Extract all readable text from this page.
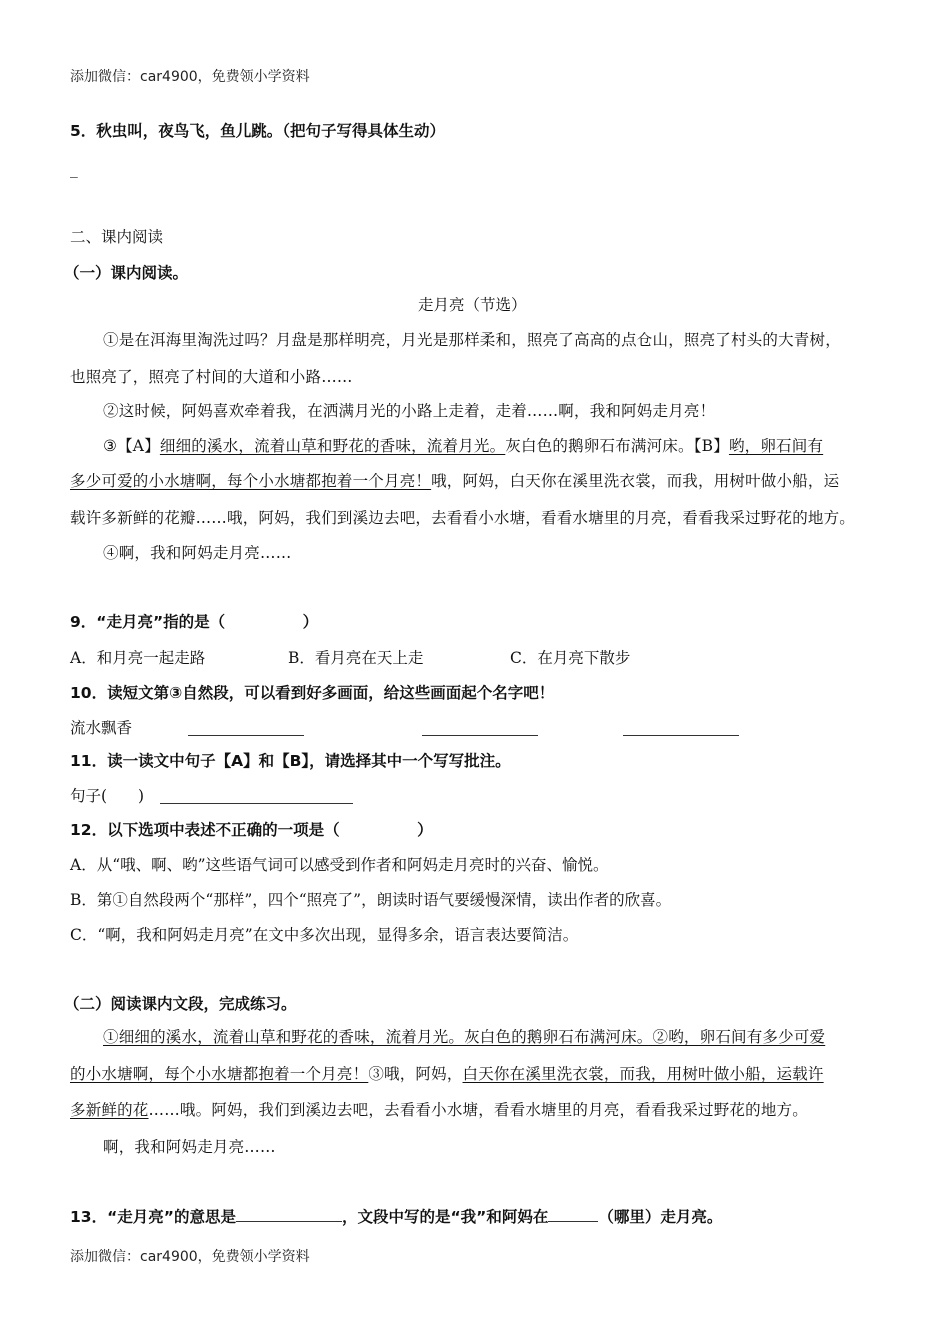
添加微信：car4900，免费领小学资料
5．秋虫叫，夜鸟飞，鱼儿跳。（把句子写得具体生动）
_
二、课内阅读
（一）课内阅读。
走月亮（节选）
①是在洱海里淘洗过吗？月盘是那样明亮，月光是那样柔和，照亮了高高的点仓山，照亮了村头的大青树，
也照亮了，照亮了村间的大道和小路……
②这时候，阿妈喜欢牵着我，在洒满月光的小路上走着，走着……啊，我和阿妈走月亮！
③【A】细细的溪水，流着山草和野花的香味，流着月光。灰白色的鹅卵石布满河床。【B】哟，卵石间有
多少可爱的小水塘啊，每个小水塘都抱着一个月亮！哦，阿妈，白天你在溪里洗衣裳，而我，用树叶做小船，运
载许多新鲜的花瓣……哦，阿妈，我们到溪边去吧，去看看小水塘，看看水塘里的月亮，看看我采过野花的地方。
④啊，我和阿妈走月亮……
9．“走月亮”指的是（　　　　　）
A．和月亮一起走路	B．看月亮在天上走	C．在月亮下散步
10．读短文第③自然段，可以看到好多画面，给这些画面起个名字吧！
流水飘香
11．读一读文中句子【A】和【B】，请选择其中一个写写批注。
句子(　　)
12．以下选项中表述不正确的一项是（　　　　　）
A．从“哦、啊、哟”这些语气词可以感受到作者和阿妈走月亮时的兴奋、愉悦。
B．第①自然段两个“那样”，四个“照亮了”，朗读时语气要缓慢深情，读出作者的欣喜。
C．“啊，我和阿妈走月亮”在文中多次出现，显得多余，语言表达要简洁。
（二）阅读课内文段，完成练习。
①细细的溪水，流着山草和野花的香味，流着月光。灰白色的鹅卵石布满河床。②哟，卵石间有多少可爱
的小水塘啊，每个小水塘都抱着一个月亮！③哦，阿妈，白天你在溪里洗衣裳，而我，用树叶做小船，运载许
多新鲜的花……哦。阿妈，我们到溪边去吧，去看看小水塘，看看水塘里的月亮，看看我采过野花的地方。
啊，我和阿妈走月亮……
13．“走月亮”的意思是	，文段中写的是“我”和阿妈在	（哪里）走月亮。
添加微信：car4900，免费领小学资料
